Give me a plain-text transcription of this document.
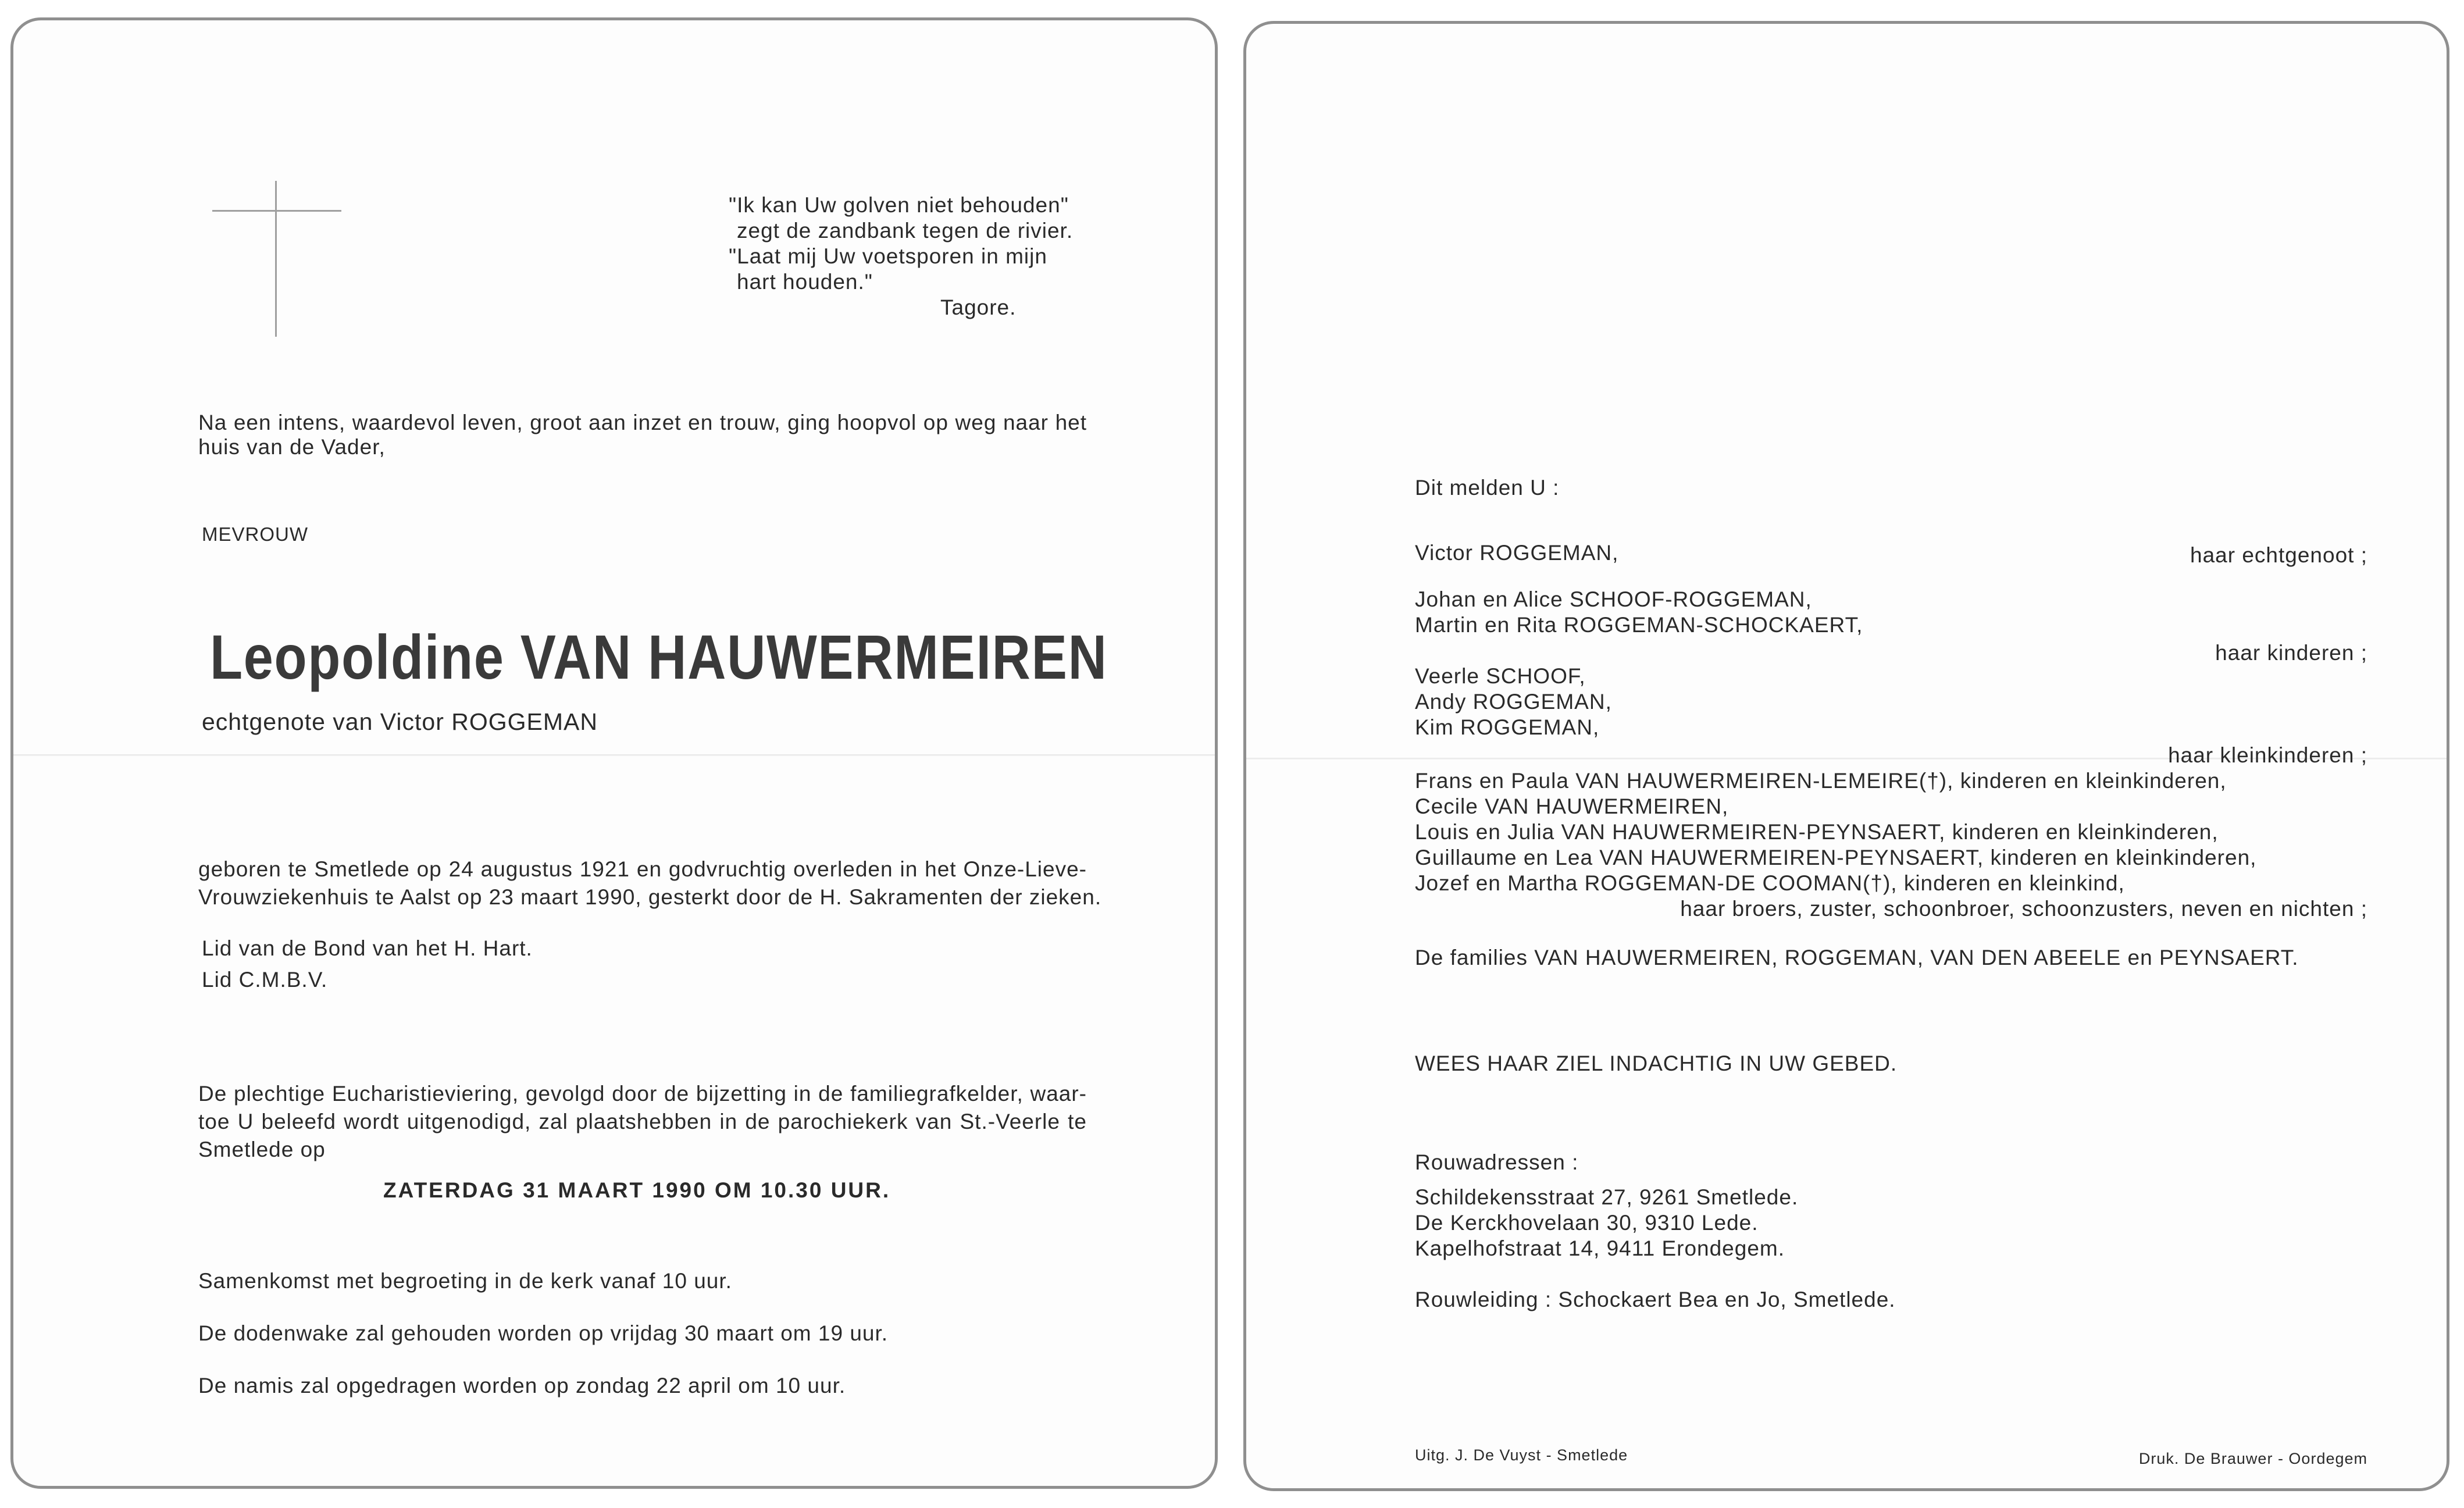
"Ik kan Uw golven niet behouden"
zegt de zandbank tegen de rivier.
"Laat mij Uw voetsporen in mijn
hart houden."
Tagore.
Na een intens, waardevol leven, groot aan inzet en trouw, ging hoopvol op weg naar het
huis van de Vader,
MEVROUW
Leopoldine VAN HAUWERMEIREN
echtgenote van Victor ROGGEMAN
geboren te Smetlede op 24 augustus 1921 en godvruchtig overleden in het Onze-Lieve-
Vrouwziekenhuis te Aalst op 23 maart 1990, gesterkt door de H. Sakramenten der zieken.
Lid van de Bond van het H. Hart.
Lid C.M.B.V.
De plechtige Eucharistieviering, gevolgd door de bijzetting in de familiegrafkelder, waar-
toe U beleefd wordt uitgenodigd, zal plaatshebben in de parochiekerk van St.-Veerle te
Smetlede op
ZATERDAG 31 MAART 1990 OM 10.30 UUR.
Samenkomst met begroeting in de kerk vanaf 10 uur.
De dodenwake zal gehouden worden op vrijdag 30 maart om 19 uur.
De namis zal opgedragen worden op zondag 22 april om 10 uur.
Dit melden U :
Victor ROGGEMAN,	haar echtgenoot ;
Johan en Alice SCHOOF-ROGGEMAN,
Martin en Rita ROGGEMAN-SCHOCKAERT,
haar kinderen ;
Veerle SCHOOF,
Andy ROGGEMAN,
Kim ROGGEMAN,
haar kleinkinderen ;
Frans en Paula VAN HAUWERMEIREN-LEMEIRE(†), kinderen en kleinkinderen,
Cecile VAN HAUWERMEIREN,
Louis en Julia VAN HAUWERMEIREN-PEYNSAERT, kinderen en kleinkinderen,
Guillaume en Lea VAN HAUWERMEIREN-PEYNSAERT, kinderen en kleinkinderen,
Jozef en Martha ROGGEMAN-DE COOMAN(†), kinderen en kleinkind,
haar broers, zuster, schoonbroer, schoonzusters, neven en nichten ;
De families VAN HAUWERMEIREN, ROGGEMAN, VAN DEN ABEELE en PEYNSAERT.
WEES HAAR ZIEL INDACHTIG IN UW GEBED.
Rouwadressen :
Schildekensstraat 27, 9261 Smetlede.
De Kerckhovelaan 30, 9310 Lede.
Kapelhofstraat 14, 9411 Erondegem.
Rouwleiding : Schockaert Bea en Jo, Smetlede.
Uitg. J. De Vuyst - Smetlede	Druk. De Brauwer - Oordegem
